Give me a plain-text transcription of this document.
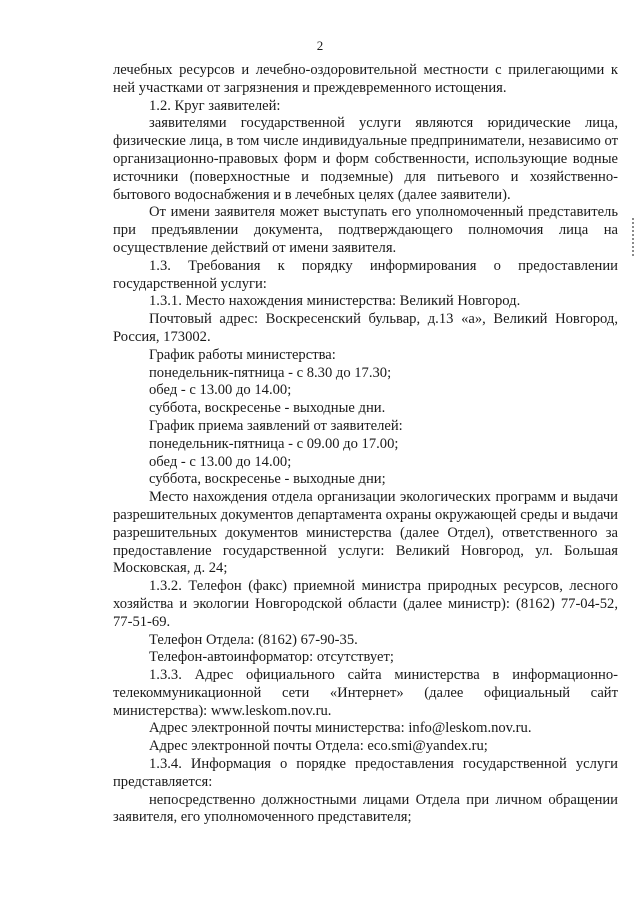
2

лечебных ресурсов и лечебно-оздоровительной местности с прилегающими к ней участками от загрязнения и преждевременного истощения.

1.2. Круг заявителей:

заявителями государственной услуги являются юридические лица, физические лица, в том числе индивидуальные предприниматели, независимо от организационно-правовых форм и форм собственности, использующие водные источники (поверхностные и подземные) для питьевого и хозяйственно-бытового водоснабжения и в лечебных целях (далее заявители).

От имени заявителя может выступать его уполномоченный представитель при предъявлении документа, подтверждающего полномочия лица на осуществление действий от имени заявителя.

1.3. Требования к порядку информирования о предоставлении государственной услуги:

1.3.1. Место нахождения министерства: Великий Новгород.

Почтовый адрес: Воскресенский бульвар, д.13 «а», Великий Новгород, Россия, 173002.

График работы министерства:

понедельник-пятница - с 8.30 до 17.30;

обед - с 13.00 до 14.00;

суббота, воскресенье - выходные дни.

График приема заявлений от заявителей:

понедельник-пятница - с 09.00 до 17.00;

обед - с 13.00 до 14.00;

суббота, воскресенье - выходные дни;

Место нахождения отдела организации экологических программ и выдачи разрешительных документов департамента охраны окружающей среды и выдачи разрешительных документов министерства (далее Отдел), ответственного за предоставление государственной услуги: Великий Новгород, ул. Большая Московская, д. 24;

1.3.2. Телефон (факс) приемной министра природных ресурсов, лесного хозяйства и экологии Новгородской области (далее министр): (8162) 77-04-52, 77-51-69.

Телефон Отдела: (8162) 67-90-35.

Телефон-автоинформатор: отсутствует;

1.3.3. Адрес официального сайта министерства в информационно-телекоммуникационной сети «Интернет» (далее официальный сайт министерства): www.leskom.nov.ru.

Адрес электронной почты министерства: info@leskom.nov.ru.

Адрес электронной почты Отдела: eco.smi@yandex.ru;

1.3.4. Информация о порядке предоставления государственной услуги представляется:

непосредственно должностными лицами Отдела при личном обращении заявителя, его уполномоченного представителя;
